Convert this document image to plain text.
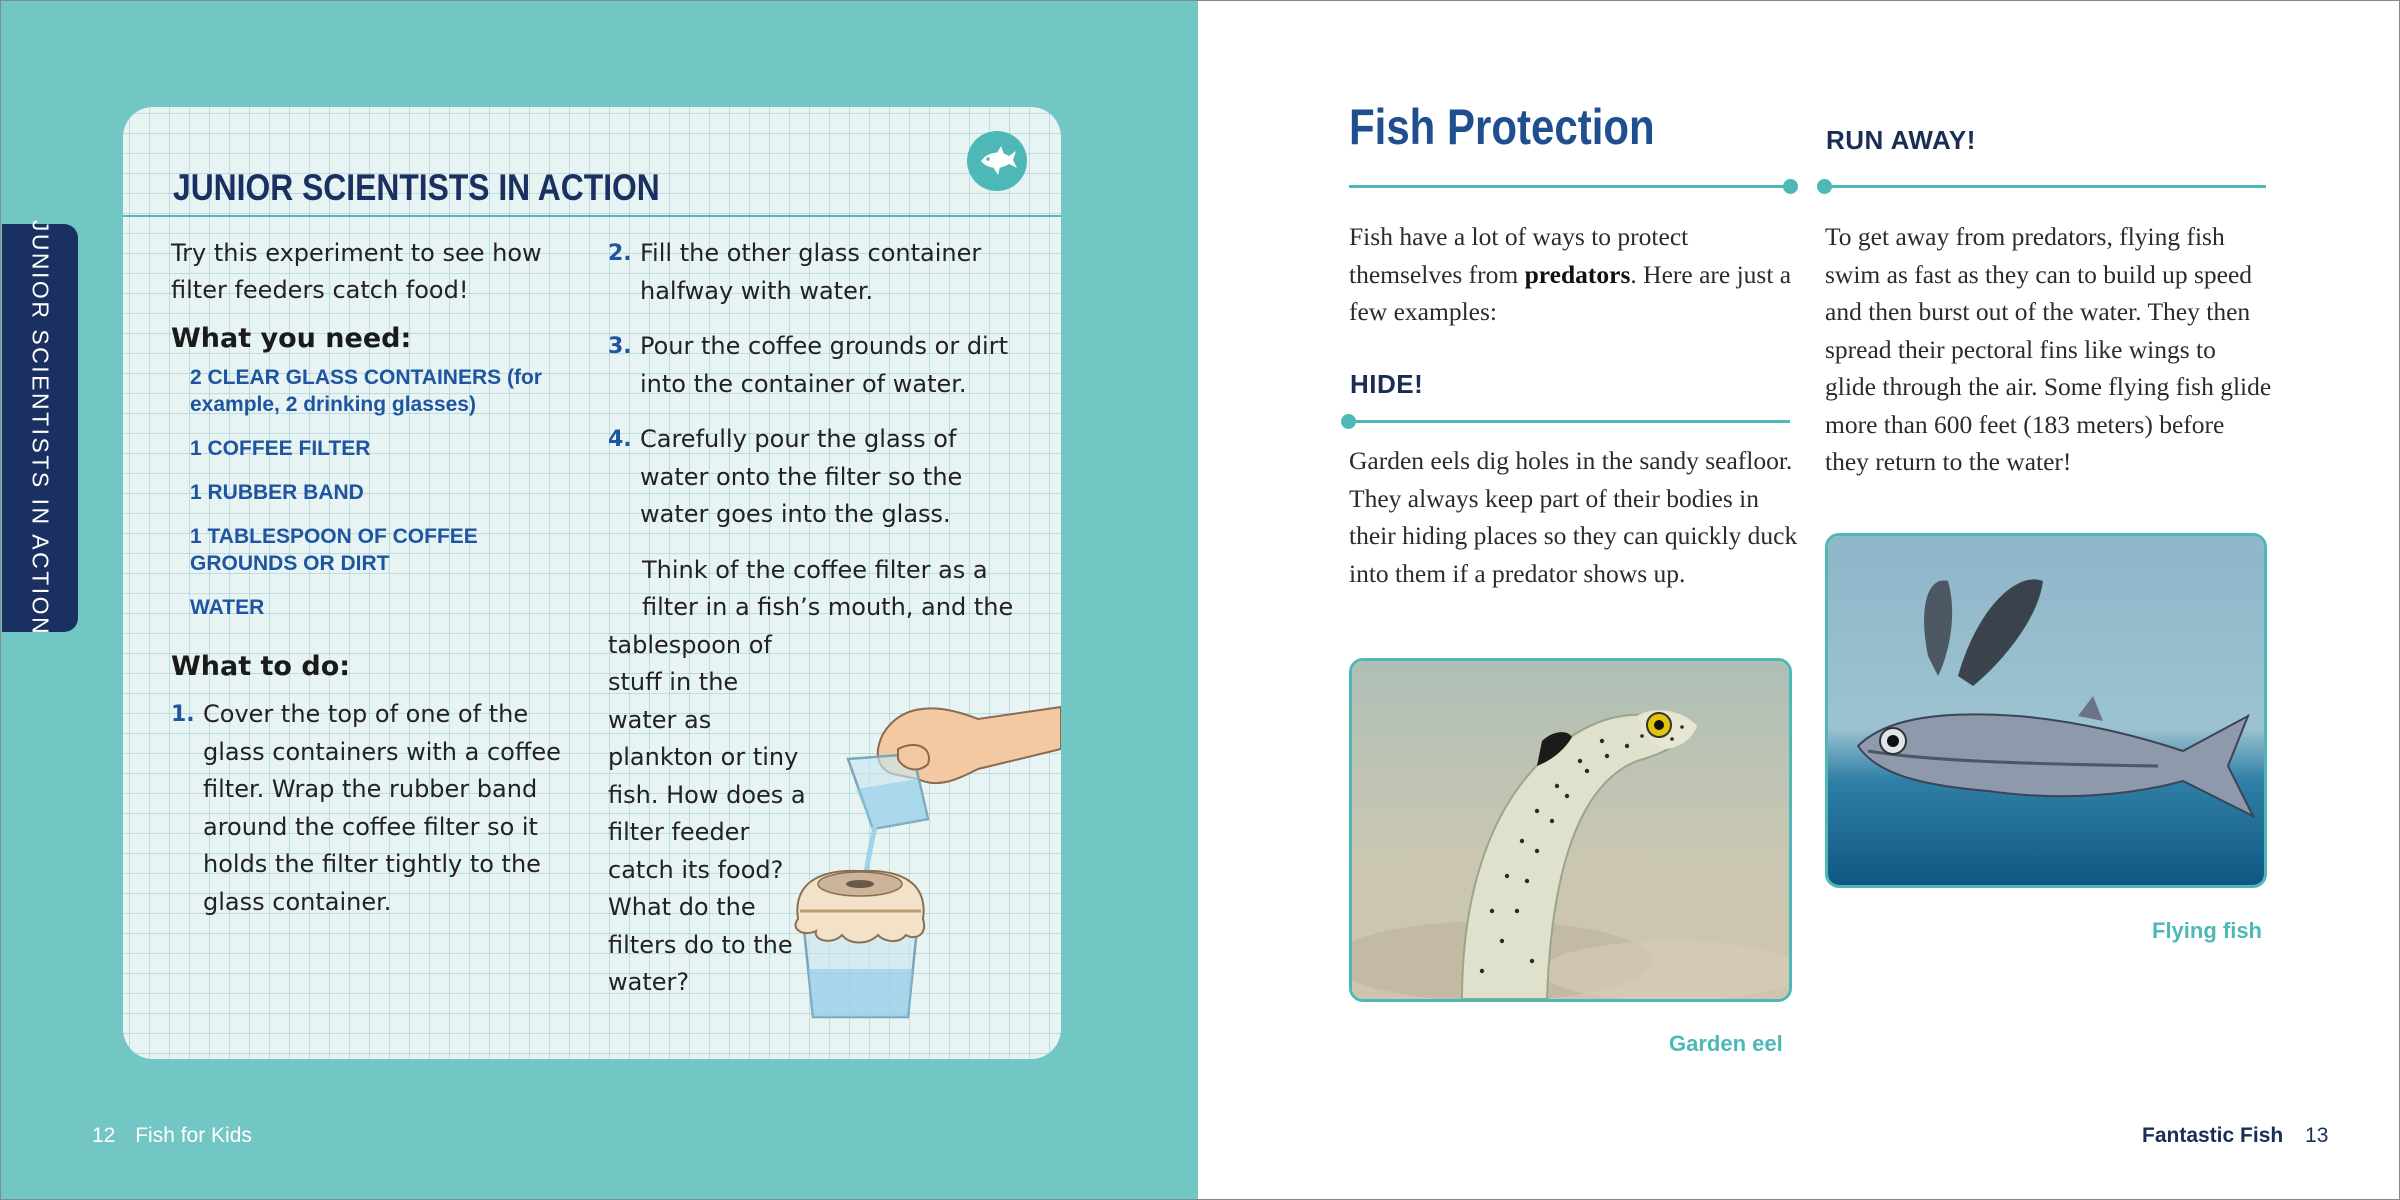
JUNIOR SCIENTISTS IN ACTION
JUNIOR SCIENTISTS IN ACTION

Try this experiment to see how filter feeders catch food!

What you need:
2 CLEAR GLASS CONTAINERS (for example, 2 drinking glasses)
1 COFFEE FILTER
1 RUBBER BAND
1 TABLESPOON OF COFFEE GROUNDS OR DIRT
WATER
What to do:
1. Cover the top of one of the glass containers with a coffee filter. Wrap the rubber band around the coffee filter so it holds the filter tightly to the glass container.
2. Fill the other glass container halfway with water.
3. Pour the coffee grounds or dirt into the container of water.
4. Carefully pour the glass of water onto the filter so the water goes into the glass.

Think of the coffee filter as a filter in a fish’s mouth, and the
tablespoon of stuff in the water as plankton or tiny fish. How does a filter feeder catch its food? What do the filters do to the water?

12 Fish for Kids
Fish Protection

Fish have a lot of ways to protect themselves from predators. Here are just a few examples:

HIDE!

Garden eels dig holes in the sandy seafloor. They always keep part of their bodies in their hiding places so they can quickly duck into them if a predator shows up.

Garden eel

RUN AWAY!

To get away from predators, flying fish swim as fast as they can to build up speed and then burst out of the water. They then spread their pectoral fins like wings to glide through the air. Some flying fish glide more than 600 feet (183 meters) before they return to the water!

Flying fish

Fantastic Fish 13
